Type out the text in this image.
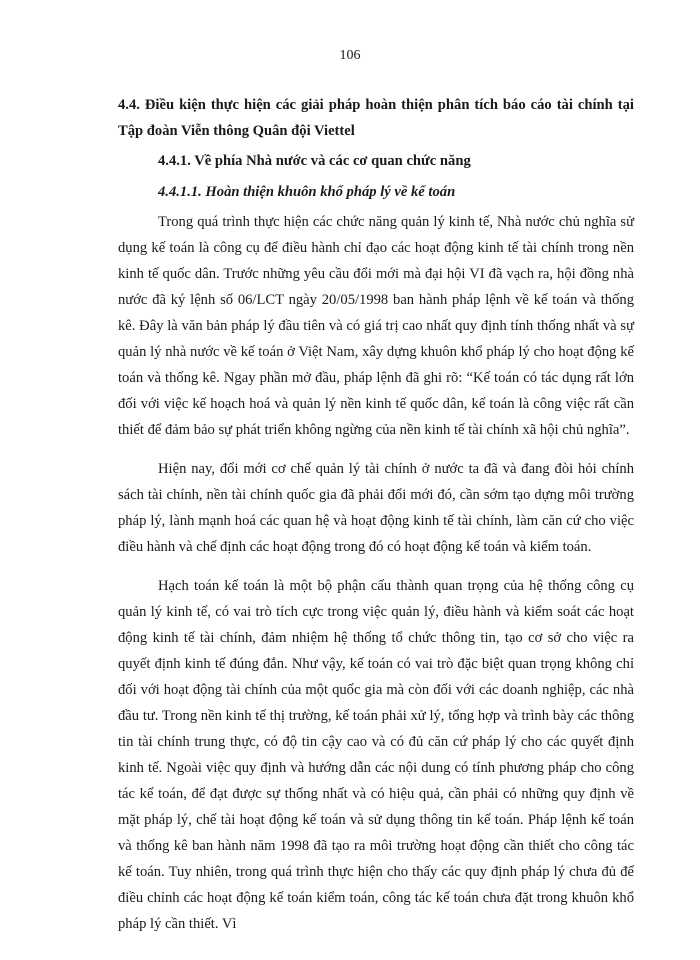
106

4.4. Điều kiện thực hiện các giải pháp hoàn thiện phân tích báo cáo tài chính tại Tập đoàn Viễn thông Quân đội Viettel

4.4.1. Về phía Nhà nước và các cơ quan chức năng

4.4.1.1. Hoàn thiện khuôn khổ pháp lý về kế toán

Trong quá trình thực hiện các chức năng quản lý kinh tế, Nhà nước chủ nghĩa sử dụng kế toán là công cụ để điều hành chỉ đạo các hoạt động kinh tế tài chính trong nền kinh tế quốc dân. Trước những yêu cầu đổi mới mà đại hội VI đã vạch ra, hội đồng nhà nước đã ký lệnh số 06/LCT ngày 20/05/1998 ban hành pháp lệnh về kế toán và thống kê. Đây là văn bản pháp lý đầu tiên và có giá trị cao nhất quy định tính thống nhất và sự quản lý nhà nước về kế toán ở Việt Nam, xây dựng khuôn khổ pháp lý cho hoạt động kế toán và thống kê. Ngay phần mở đầu, pháp lệnh đã ghi rõ: “Kế toán có tác dụng rất lớn đối với việc kế hoạch hoá và quản lý nền kinh tế quốc dân, kế toán là công việc rất cần thiết để đảm bảo sự phát triển không ngừng của nền kinh tế tài chính xã hội chủ nghĩa”.

Hiện nay, đổi mới cơ chế quản lý tài chính ở nước ta đã và đang đòi hỏi chính sách tài chính, nền tài chính quốc gia đã phải đổi mới đó, cần sớm tạo dựng môi trường pháp lý, lành mạnh hoá các quan hệ và hoạt động kinh tế tài chính, làm căn cứ cho việc điều hành và chế định các hoạt động trong đó có hoạt động kế toán và kiểm toán.

Hạch toán kế toán là một bộ phận cấu thành quan trọng của hệ thống công cụ quản lý kinh tế, có vai trò tích cực trong việc quản lý, điều hành và kiểm soát các hoạt động kinh tế tài chính, đảm nhiệm hệ thống tổ chức thông tin, tạo cơ sở cho việc ra quyết định kinh tế đúng đắn. Như vậy, kế toán có vai trò đặc biệt quan trọng không chỉ đối với hoạt động tài chính của một quốc gia mà còn đối với các doanh nghiệp, các nhà đầu tư. Trong nền kinh tế thị trường, kế toán phải xử lý, tổng hợp và trình bày các thông tin tài chính trung thực, có độ tin cậy cao và có đủ căn cứ pháp lý cho các quyết định kinh tế. Ngoài việc quy định và hướng dẫn các nội dung có tính phương pháp cho công tác kế toán, để đạt được sự thống nhất và có hiệu quả, cần phải có những quy định về mặt pháp lý, chế tài hoạt động kế toán và sử dụng thông tin kế toán. Pháp lệnh kế toán và thống kê ban hành năm 1998 đã tạo ra môi trường hoạt động cần thiết cho công tác kế toán. Tuy nhiên, trong quá trình thực hiện cho thấy các quy định pháp lý chưa đủ để điều chỉnh các hoạt động kế toán kiểm toán, công tác kế toán chưa đặt trong khuôn khổ pháp lý cần thiết. Vì
